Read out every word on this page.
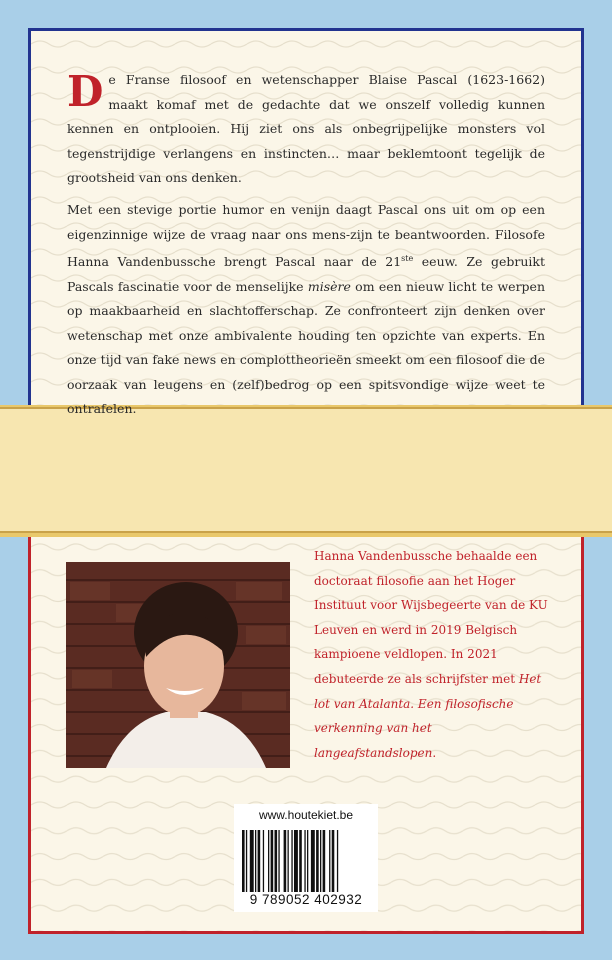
De Franse filosoof en wetenschapper Blaise Pascal (1623-1662) maakt komaf met de gedachte dat we onszelf volledig kunnen kennen en ontplooien. Hij ziet ons als onbegrijpelijke monsters vol tegenstrijdige verlangens en instincten… maar beklemtoont tegelijk de grootsheid van ons denken.
Met een stevige portie humor en venijn daagt Pascal ons uit om op een eigenzinnige wijze de vraag naar ons mens-zijn te beantwoorden. Filosofe Hanna Vandenbussche brengt Pascal naar de 21ste eeuw. Ze gebruikt Pascals fascinatie voor de menselijke misère om een nieuw licht te werpen op maakbaarheid en slachtofferschap. Ze confronteert zijn denken over wetenschap met onze ambivalente houding ten opzichte van experts. En onze tijd van fake news en complottheorieën smeekt om een filosoof die de oorzaak van leugens en (zelf)bedrog op een spitsvondige wijze weet te ontrafelen.
Hanna Vandenbussche behaalde een doctoraat filosofie aan het Hoger Instituut voor Wijsbegeerte van de KU Leuven en werd in 2019 Belgisch kampioene veldlopen. In 2021 debuteerde ze als schrijfster met Het lot van Atalanta. Een filosofische verkenning van het langeafstandslopen.
www.houtekiet.be
9 789052 402932
